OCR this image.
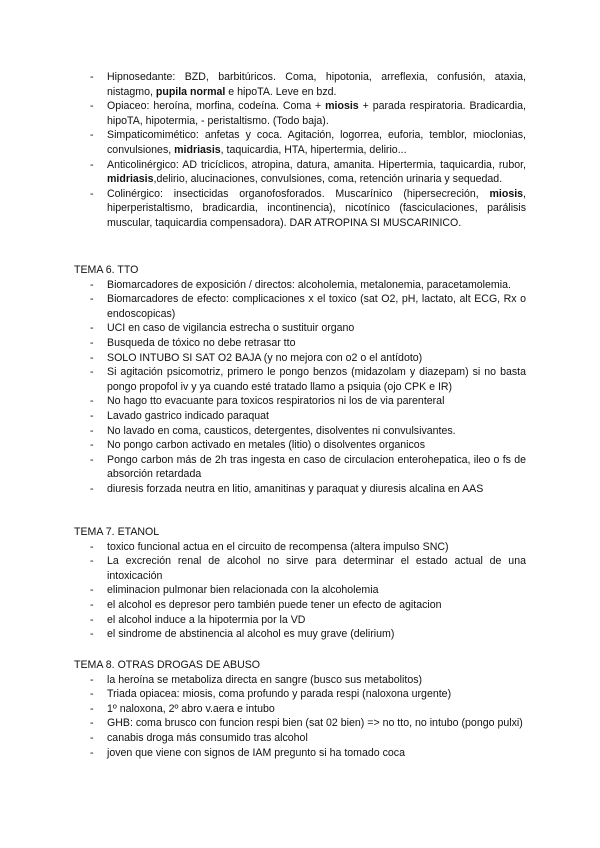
- Hipnosedante: BZD, barbitúricos. Coma, hipotonia, arreflexia, confusión, ataxia, nistagmo, pupila normal e hipoTA. Leve en bzd.
- Opiaceo: heroína, morfina, codeína. Coma + miosis + parada respiratoria. Bradicardia, hipoTA, hipotermia, - peristaltismo. (Todo baja).
- Simpaticomimético: anfetas y coca. Agitación, logorrea, euforia, temblor, mioclonias, convulsiones, midriasis, taquicardia, HTA, hipertermia, delirio...
- Anticolinérgico: AD tricíclicos, atropina, datura, amanita. Hipertermia, taquicardia, rubor, midriasis,delirio, alucinaciones, convulsiones, coma, retención urinaria y sequedad.
- Colinérgico: insecticidas organofosforados. Muscarínico (hipersecreción, miosis, hiperperistaltismo, bradicardia, incontinencia), nicotínico (fasciculaciones, parálisis muscular, taquicardia compensadora). DAR ATROPINA SI MUSCARINICO.
TEMA 6. TTO
- Biomarcadores de exposición / directos: alcoholemia, metalonemia, paracetamolemia.
- Biomarcadores de efecto: complicaciones x el toxico (sat O2, pH, lactato, alt ECG, Rx o endoscopicas)
- UCI en caso de vigilancia estrecha o sustituir organo
- Busqueda de tóxico no debe retrasar tto
- SOLO INTUBO SI SAT O2 BAJA (y no mejora con o2 o el antídoto)
- Si agitación psicomotriz, primero le pongo benzos (midazolam y diazepam) si no basta pongo propofol iv y ya cuando esté tratado llamo a psiquia (ojo CPK e IR)
- No hago tto evacuante para toxicos respiratorios ni los de via parenteral
- Lavado gastrico indicado paraquat
- No lavado en coma, causticos, detergentes, disolventes ni convulsivantes.
- No pongo carbon activado en metales (litio) o disolventes organicos
- Pongo carbon más de 2h tras ingesta en caso de circulacion enterohepatica, ileo o fs de absorción retardada
- diuresis forzada neutra en litio, amanitinas y paraquat y diuresis alcalina en AAS
TEMA 7. ETANOL
- toxico funcional actua en el circuito de recompensa (altera impulso SNC)
- La excreción renal de alcohol no sirve para determinar el estado actual de una intoxicación
- eliminacion pulmonar bien relacionada con la alcoholemia
- el alcohol es depresor pero también puede tener un efecto de agitacion
- el alcohol induce a la hipotermia por la VD
- el sindrome de abstinencia al alcohol es muy grave (delirium)
TEMA 8. OTRAS DROGAS DE ABUSO
- la heroína se metaboliza directa en sangre (busco sus metabolitos)
- Triada opiacea: miosis, coma profundo y parada respi (naloxona urgente)
- 1º naloxona, 2º abro v.aera e intubo
- GHB: coma brusco con funcion respi bien (sat 02 bien) => no tto, no intubo (pongo pulxi)
- canabis droga más consumido tras alcohol
- joven que viene con signos de IAM pregunto si ha tomado coca
